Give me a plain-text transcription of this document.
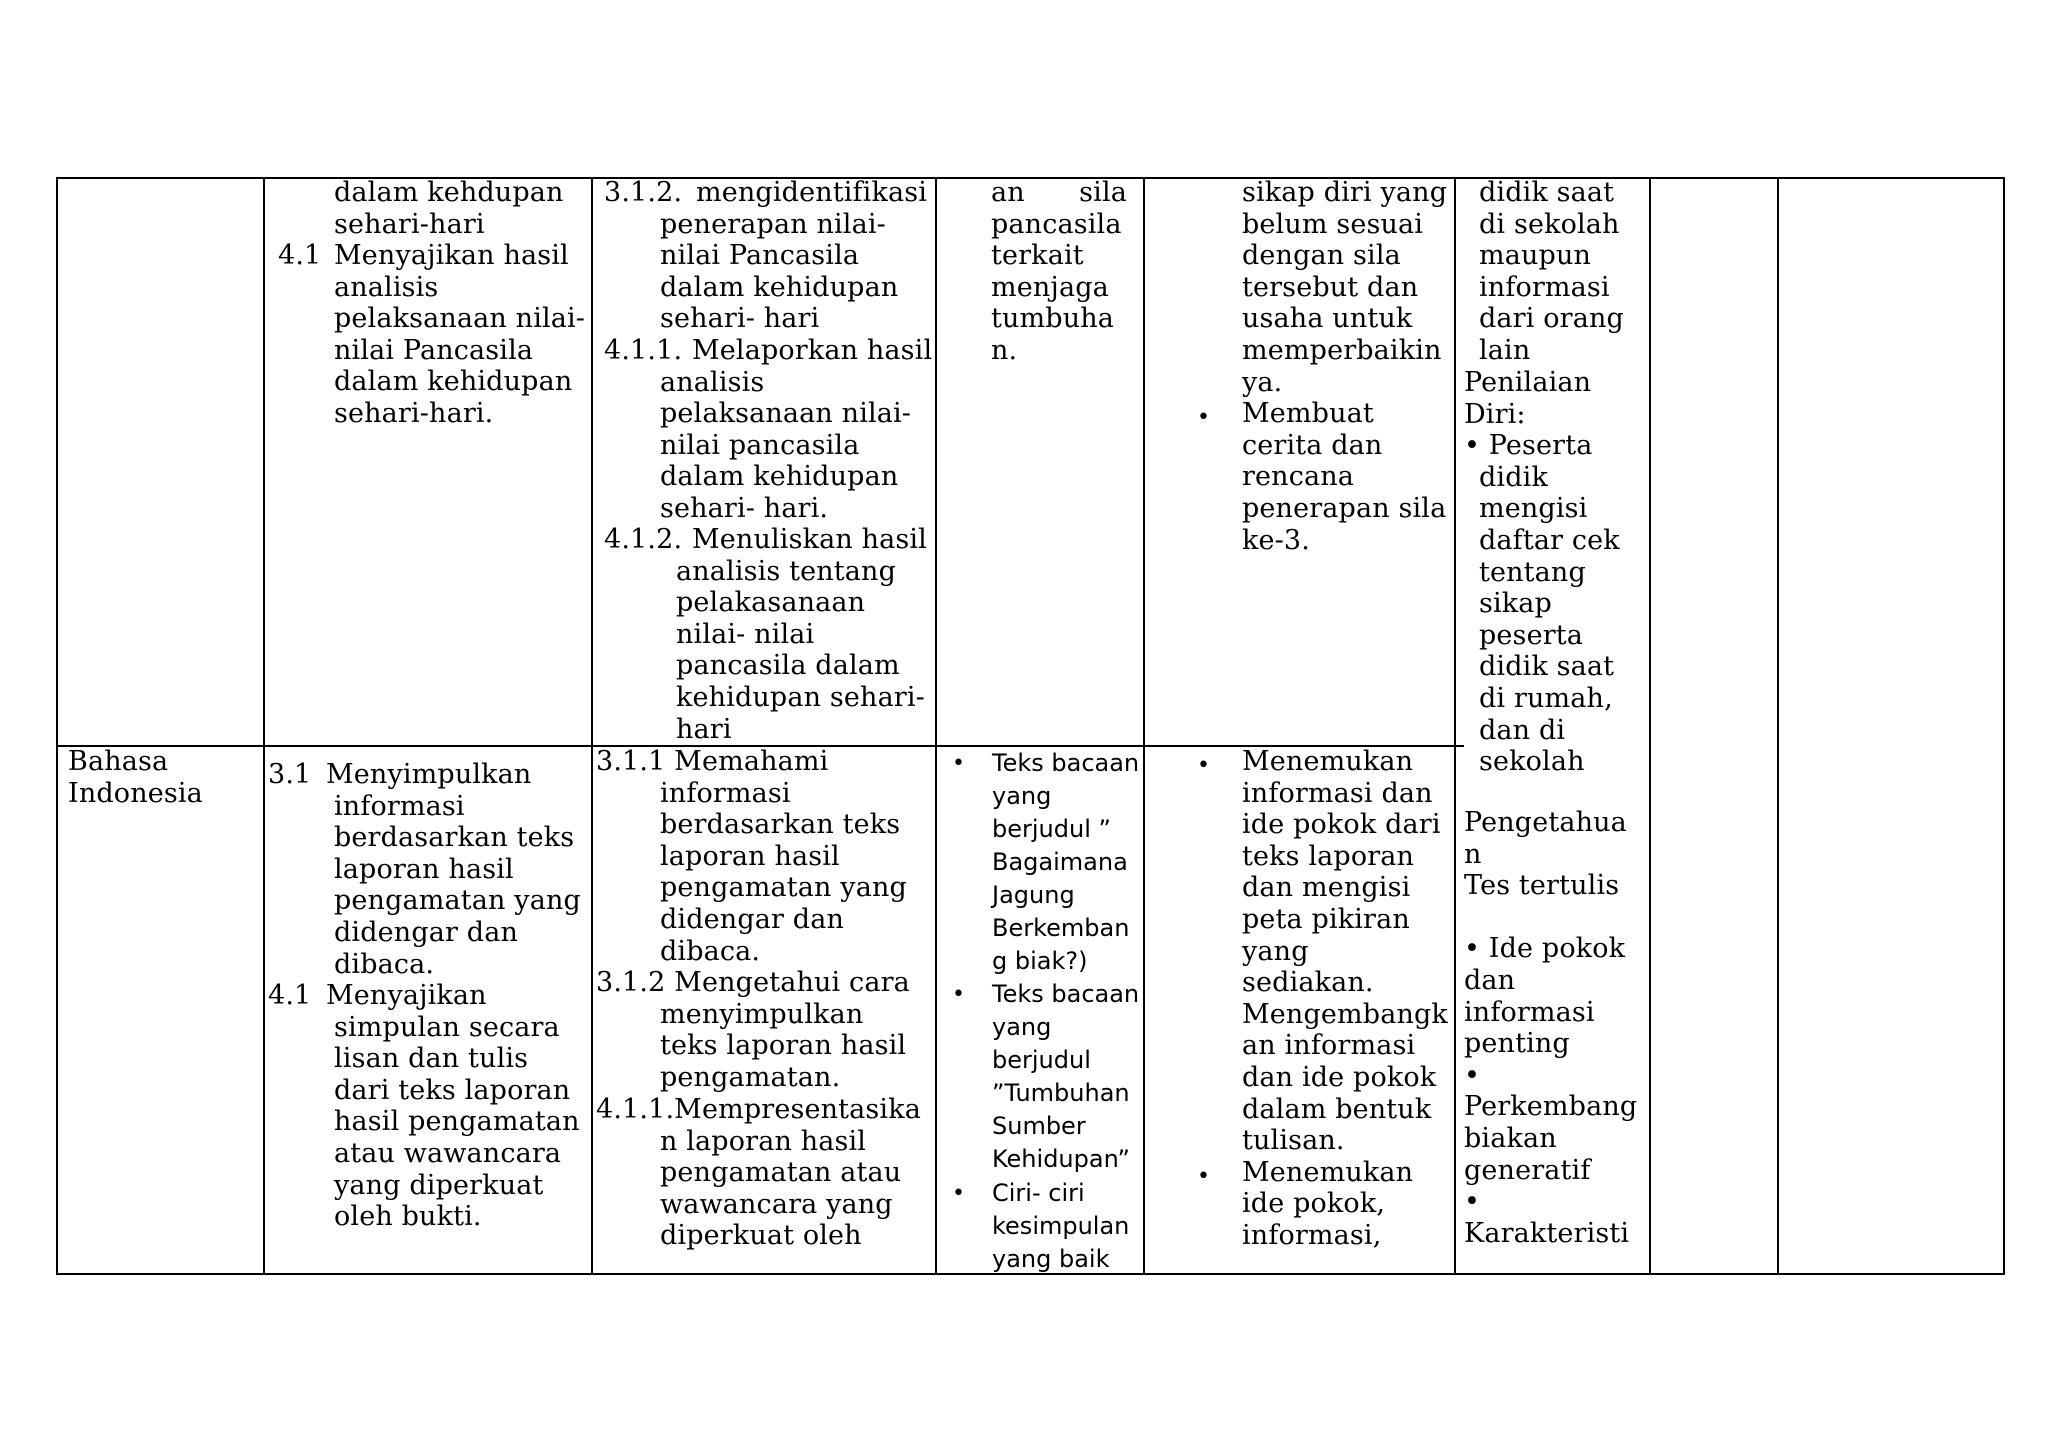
dalam kehdupan
sehari-hari
4.1 Menyajikan hasil
analisis
pelaksanaan nilai-
nilai Pancasila
dalam kehidupan
sehari-hari.
3.1.2. mengidentifikasi
penerapan nilai-
nilai Pancasila
dalam kehidupan
sehari- hari
4.1.1. Melaporkan hasil
analisis
pelaksanaan nilai-
nilai pancasila
dalam kehidupan
sehari- hari.
4.1.2. Menuliskan hasil
analisis tentang
pelakasanaan
nilai- nilai
pancasila dalam
kehidupan sehari-
hari
an sila
pancasila
terkait
menjaga
tumbuha
n.
sikap diri yang
belum sesuai
dengan sila
tersebut dan
usaha untuk
memperbaikin
ya.
Membuat
cerita dan
rencana
penerapan sila
ke-3.
•
didik saat
di sekolah
maupun
informasi
dari orang
lain
Penilaian
Diri:
• Peserta
didik
mengisi
daftar cek
tentang
sikap
peserta
didik saat
di rumah,
dan di
sekolah
Pengetahua
n
Tes tertulis

• Ide pokok
dan
informasi
penting
•
Perkembang
biakan
generatif
•
Karakteristi
Bahasa
Indonesia
3.1 Menyimpulkan
informasi
berdasarkan teks
laporan hasil
pengamatan yang
didengar dan
dibaca.
4.1 Menyajikan
simpulan secara
lisan dan tulis
dari teks laporan
hasil pengamatan
atau wawancara
yang diperkuat
oleh bukti.
3.1.1 Memahami
informasi
berdasarkan teks
laporan hasil
pengamatan yang
didengar dan
dibaca.
3.1.2 Mengetahui cara
menyimpulkan
teks laporan hasil
pengamatan.
4.1.1.Mempresentasika
n laporan hasil
pengamatan atau
wawancara yang
diperkuat oleh
• Teks bacaan
yang
berjudul ”
Bagaimana
Jagung
Berkemban
g biak?)
• Teks bacaan
yang
berjudul
”Tumbuhan
Sumber
Kehidupan”
• Ciri- ciri
kesimpulan
yang baik
• Menemukan
informasi dan
ide pokok dari
teks laporan
dan mengisi
peta pikiran
yang
sediakan.
Mengembangk
an informasi
dan ide pokok
dalam bentuk
tulisan.
Menemukan
ide pokok,
informasi,
•
